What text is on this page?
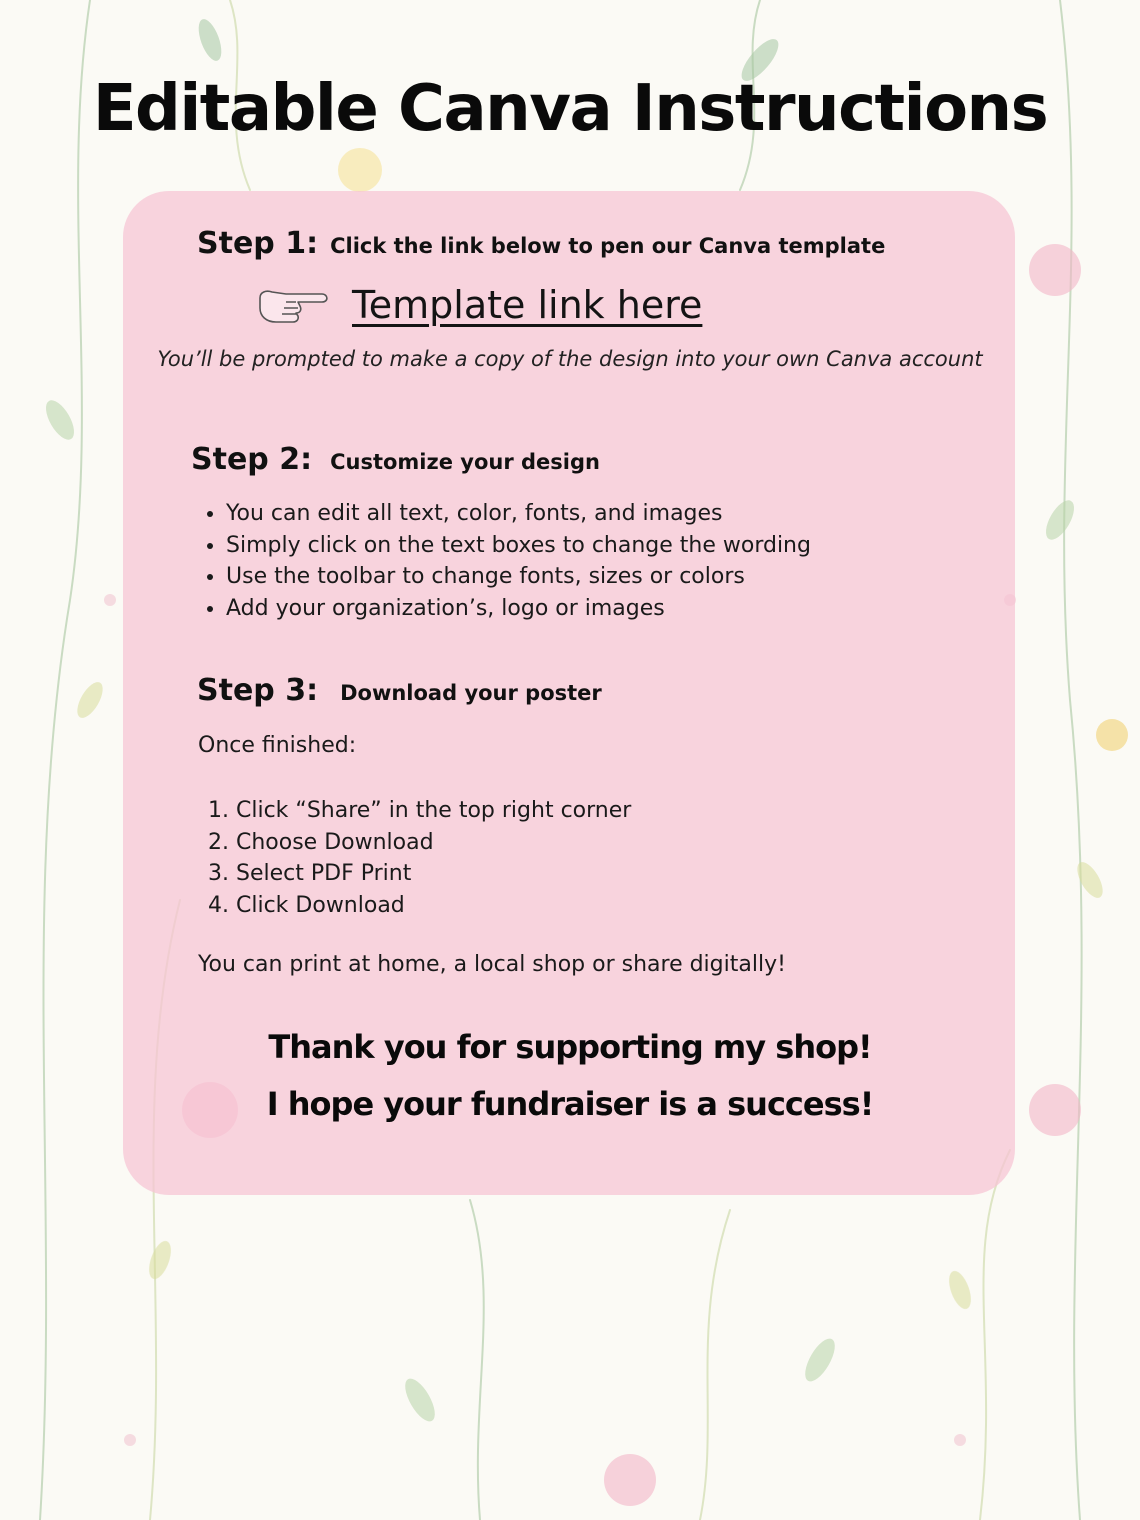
Editable Canva Instructions
Step 1: Click the link below to pen our Canva template
Template link here
You’ll be prompted to make a copy of the design into your own Canva account
Step 2: Customize your design
• You can edit all text, color, fonts, and images
• Simply click on the text boxes to change the wording
• Use the toolbar to change fonts, sizes or colors
• Add your organization’s, logo or images
Step 3: Download your poster
Once finished:
1. Click “Share” in the top right corner
2. Choose Download
3. Select PDF Print
4. Click Download
You can print at home, a local shop or share digitally!
Thank you for supporting my shop!
I hope your fundraiser is a success!
